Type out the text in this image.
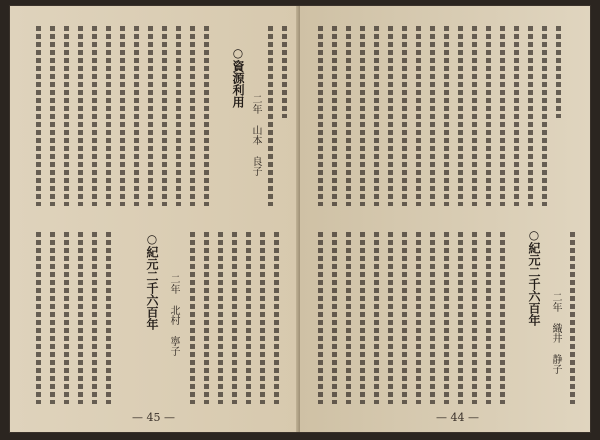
○資源利用
二年 山本 良子
○紀元二千六百年 二年 北村 寧子
— 45 —
○紀元二千六百年
二年 織井 静子
— 44 —
